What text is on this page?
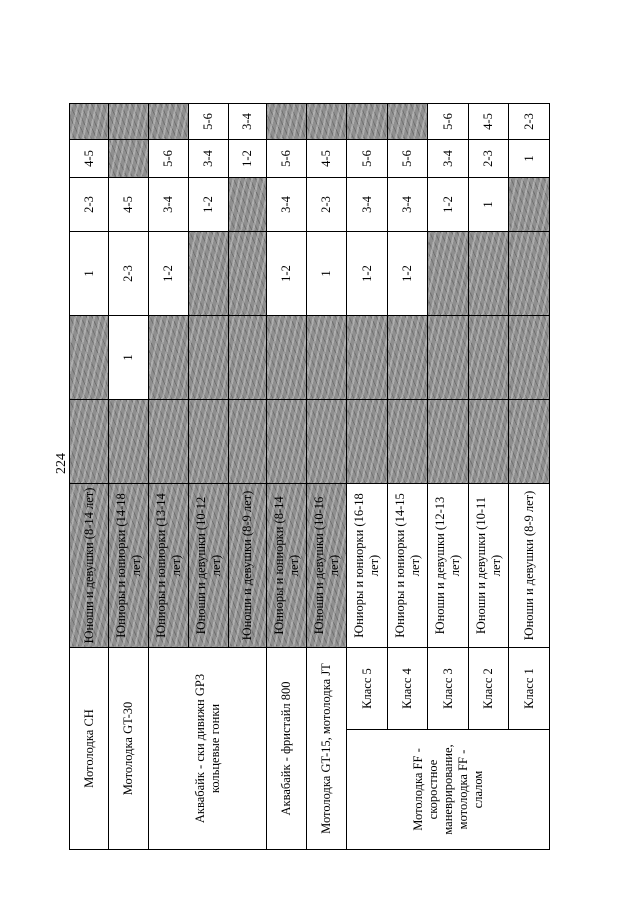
224
Мотолодка CH		Юноши и девушки (8-14 лет)			1	2-3	4-5	
Мотолодка GT-30		Юниоры и юниорки (14-18 лет)		1	2-3	4-5		
Аквабайк - ски дивижн GP3 кольцевые гонки		Юниоры и юниорки (13-14 лет)			1-2	3-4	5-6	
		Юноши и девушки (10-12 лет)				1-2	3-4	5-6
		Юноши и девушки (8-9 лет)					1-2	3-4
Аквабайк - фристайл 800		Юниоры и юниорки (8-14 лет)			1-2	3-4	5-6	
Мотолодка GT-15, мотолодка JT		Юноши и девушки (10-16 лет)			1	2-3	4-5	
Мотолодка FF - скоростное маневрирование, мотолодка FF - слалом	Класс 5	Юниоры и юниорки (16-18 лет)			1-2	3-4	5-6	
	Класс 4	Юниоры и юниорки (14-15 лет)			1-2	3-4	5-6	
	Класс 3	Юноши и девушки (12-13 лет)				1-2	3-4	5-6
	Класс 2	Юноши и девушки (10-11 лет)				1	2-3	4-5
	Класс 1	Юноши и девушки (8-9 лет)					1	2-3
